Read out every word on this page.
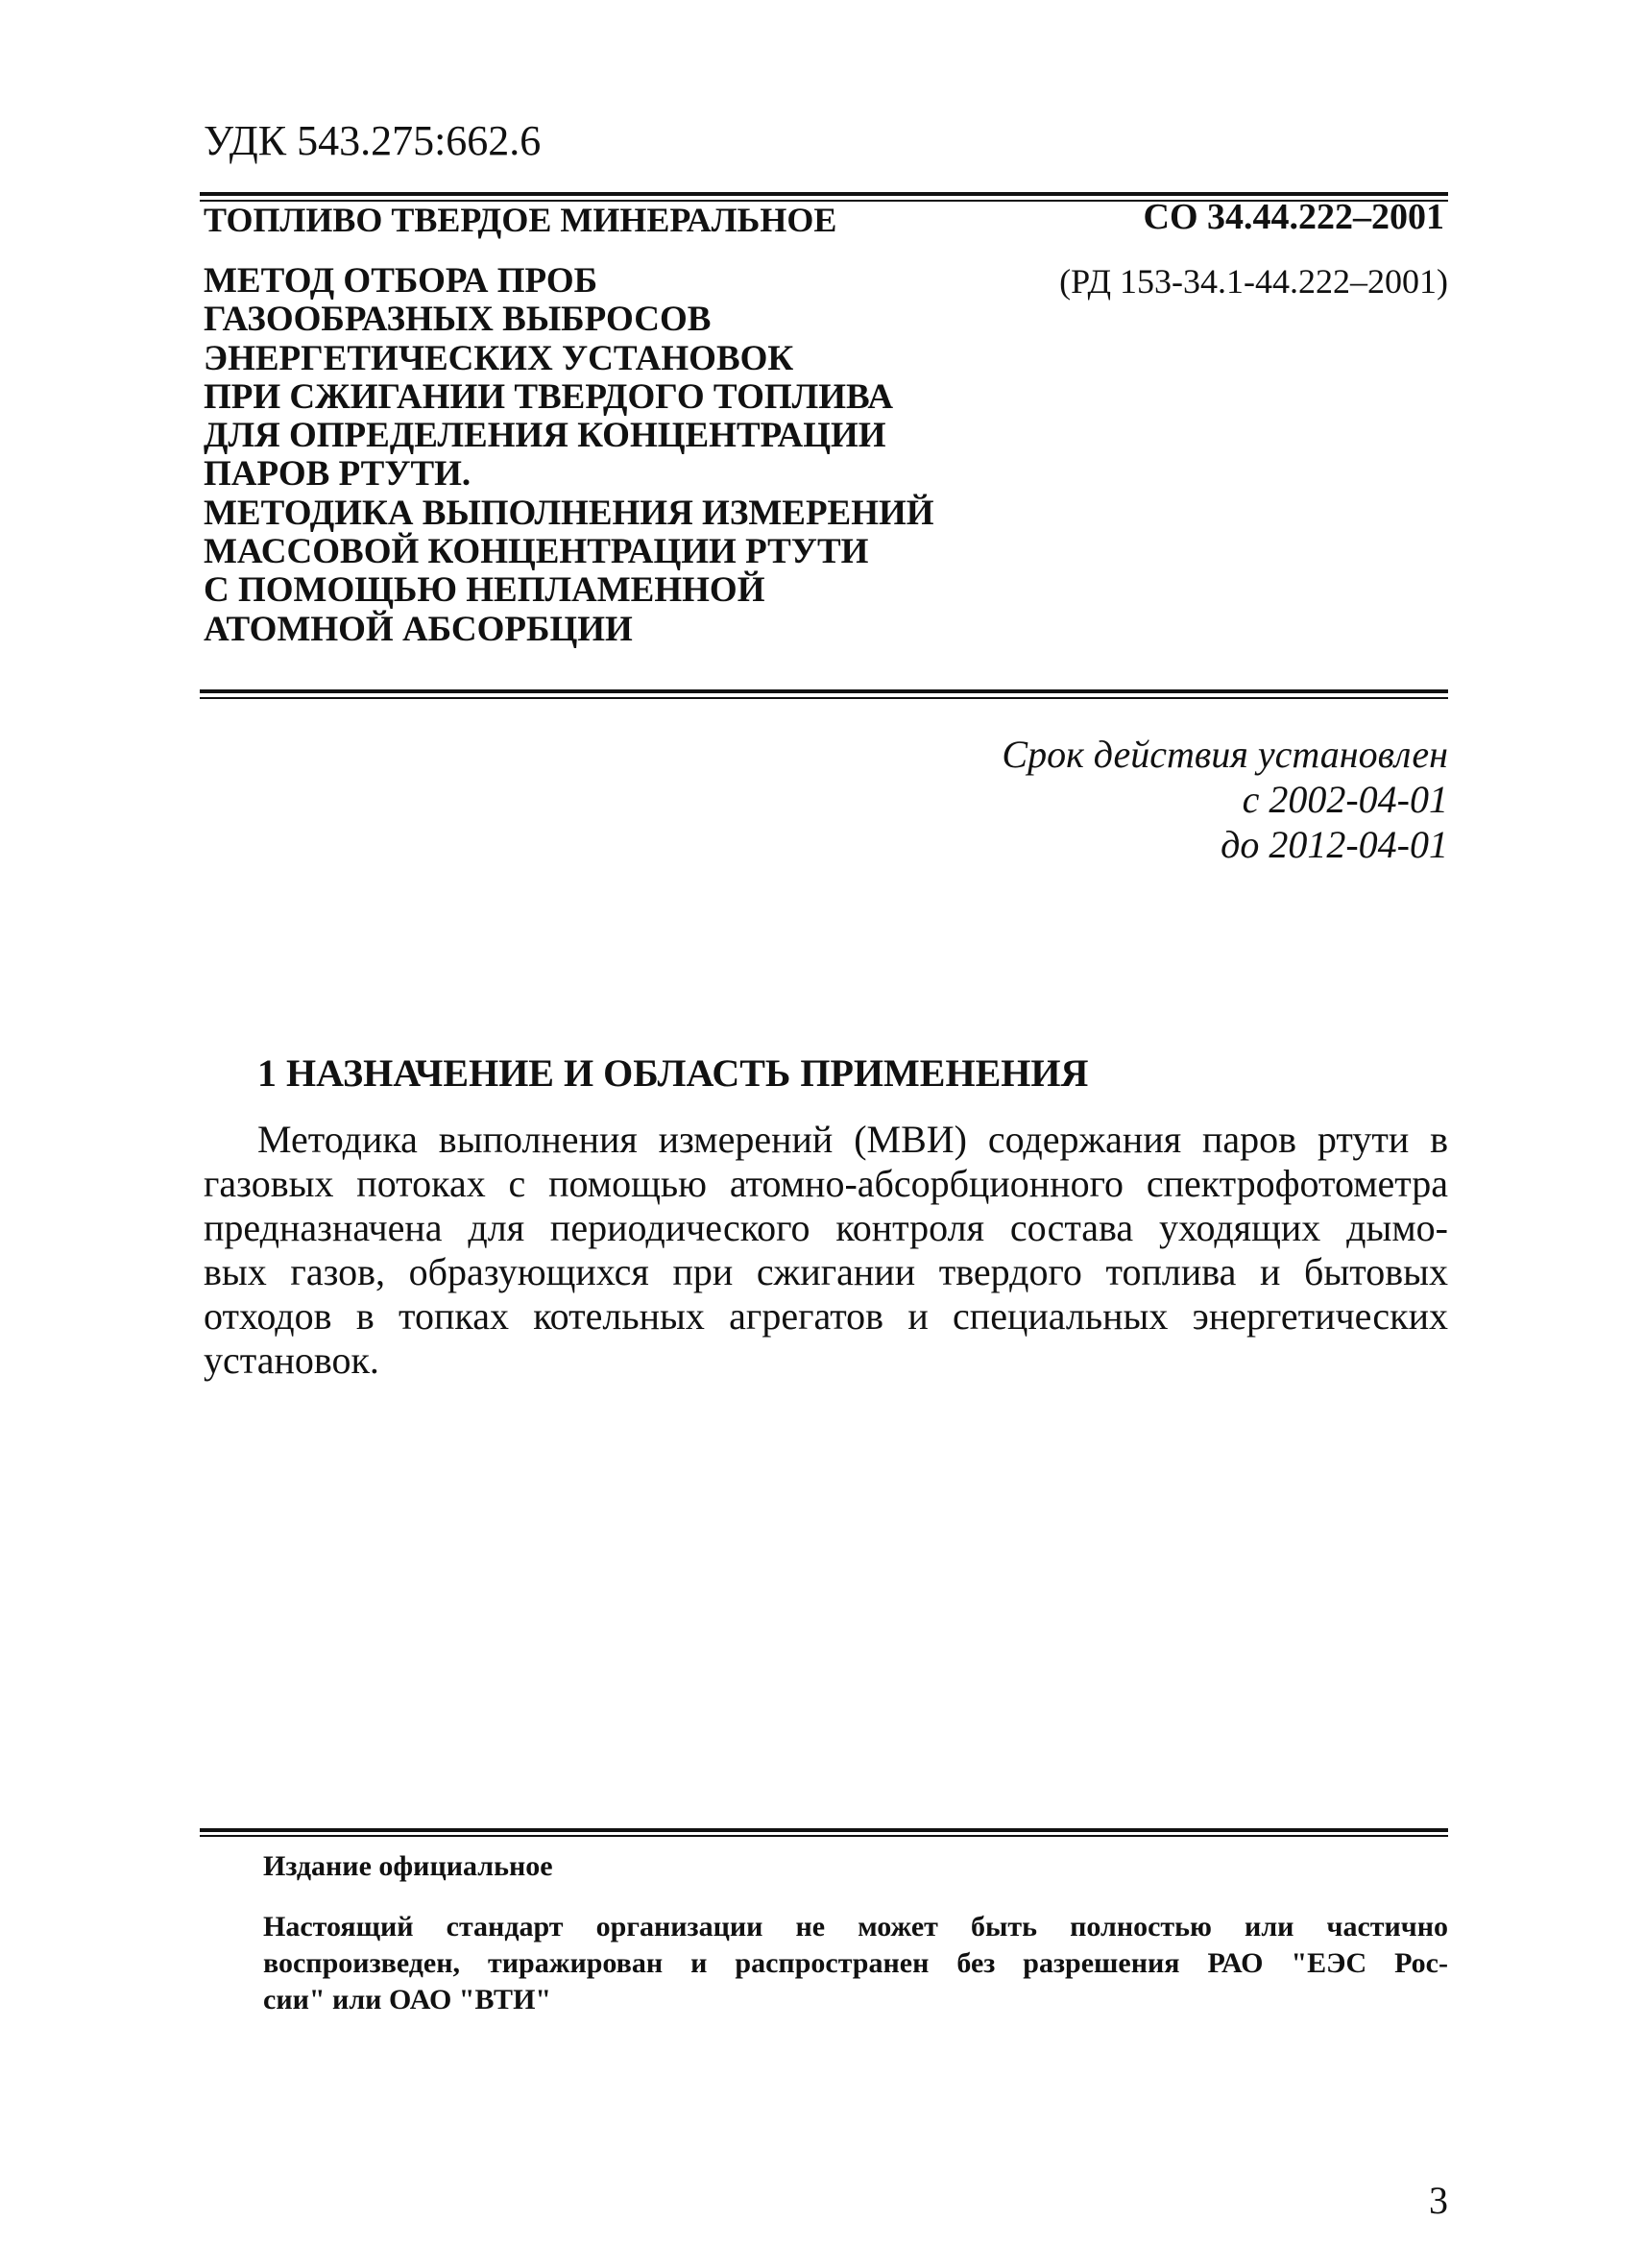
УДК 543.275:662.6
ТОПЛИВО ТВЕРДОЕ МИНЕРАЛЬНОЕ	СО 34.44.222–2001
(РД 153-34.1-44.222–2001)
МЕТОД ОТБОРА ПРОБ
ГАЗООБРАЗНЫХ ВЫБРОСОВ
ЭНЕРГЕТИЧЕСКИХ УСТАНОВОК
ПРИ СЖИГАНИИ ТВЕРДОГО ТОПЛИВА
ДЛЯ ОПРЕДЕЛЕНИЯ КОНЦЕНТРАЦИИ
ПАРОВ РТУТИ.
МЕТОДИКА ВЫПОЛНЕНИЯ ИЗМЕРЕНИЙ
МАССОВОЙ КОНЦЕНТРАЦИИ РТУТИ
С ПОМОЩЬЮ НЕПЛАМЕННОЙ
АТОМНОЙ АБСОРБЦИИ
Срок действия установлен
с 2002-04-01
до 2012-04-01
1 НАЗНАЧЕНИЕ И ОБЛАСТЬ ПРИМЕНЕНИЯ
Методика выполнения измерений (МВИ) содержания паров ртути в
газовых потоках с помощью атомно-абсорбционного спектрофотометра
предназначена для периодического контроля состава уходящих дымо-
вых газов, образующихся при сжигании твердого топлива и бытовых
отходов в топках котельных агрегатов и специальных энергетических
установок.
Издание официальное
Настоящий стандарт организации не может быть полностью или частично
воспроизведен, тиражирован и распространен без разрешения РАО "ЕЭС Рос-
сии" или ОАО "ВТИ"
3
